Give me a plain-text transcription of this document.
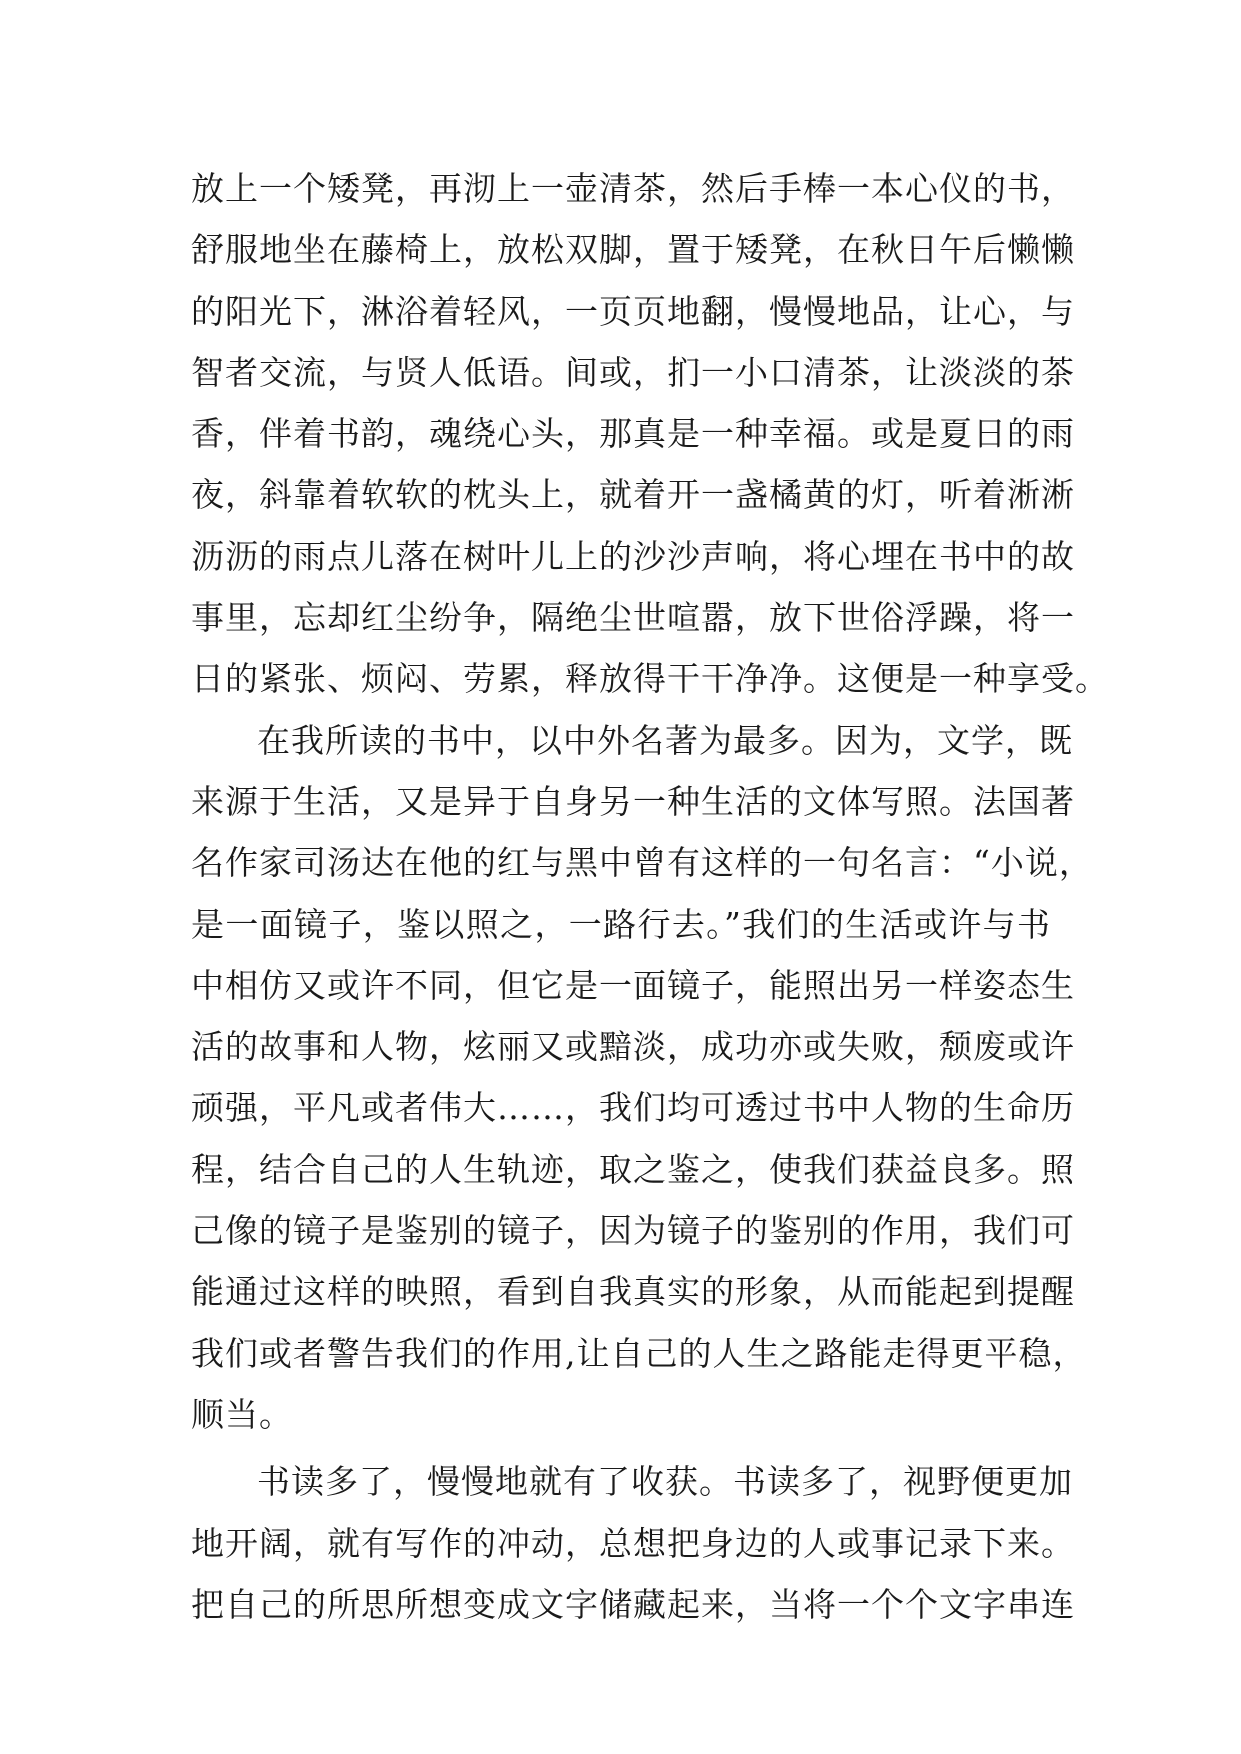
放上一个矮凳，再沏上一壶清茶，然后手棒一本心仪的书，
舒服地坐在藤椅上，放松双脚，置于矮凳，在秋日午后懒懒
的阳光下，淋浴着轻风，一页页地翻，慢慢地品，让心，与
智者交流，与贤人低语。间或，扪一小口清茶，让淡淡的茶
香，伴着书韵，魂绕心头，那真是一种幸福。或是夏日的雨
夜，斜靠着软软的枕头上，就着开一盏橘黄的灯，听着淅淅
沥沥的雨点儿落在树叶儿上的沙沙声响，将心埋在书中的故
事里，忘却红尘纷争，隔绝尘世喧嚣，放下世俗浮躁，将一
日的紧张、烦闷、劳累，释放得干干净净。这便是一种享受。
在我所读的书中，以中外名著为最多。因为，文学，既
来源于生活，又是异于自身另一种生活的文体写照。法国著
名作家司汤达在他的红与黑中曾有这样的一句名言：“小说，
是一面镜子，鉴以照之，一路行去。”我们的生活或许与书
中相仿又或许不同，但它是一面镜子，能照出另一样姿态生
活的故事和人物，炫丽又或黯淡，成功亦或失败，颓废或许
顽强，平凡或者伟大……，我们均可透过书中人物的生命历
程，结合自己的人生轨迹，取之鉴之，使我们获益良多。照
己像的镜子是鉴别的镜子，因为镜子的鉴别的作用，我们可
能通过这样的映照，看到自我真实的形象，从而能起到提醒
我们或者警告我们的作用,让自己的人生之路能走得更平稳，
顺当。
书读多了，慢慢地就有了收获。书读多了，视野便更加
地开阔，就有写作的冲动，总想把身边的人或事记录下来。
把自己的所思所想变成文字储藏起来，当将一个个文字串连
